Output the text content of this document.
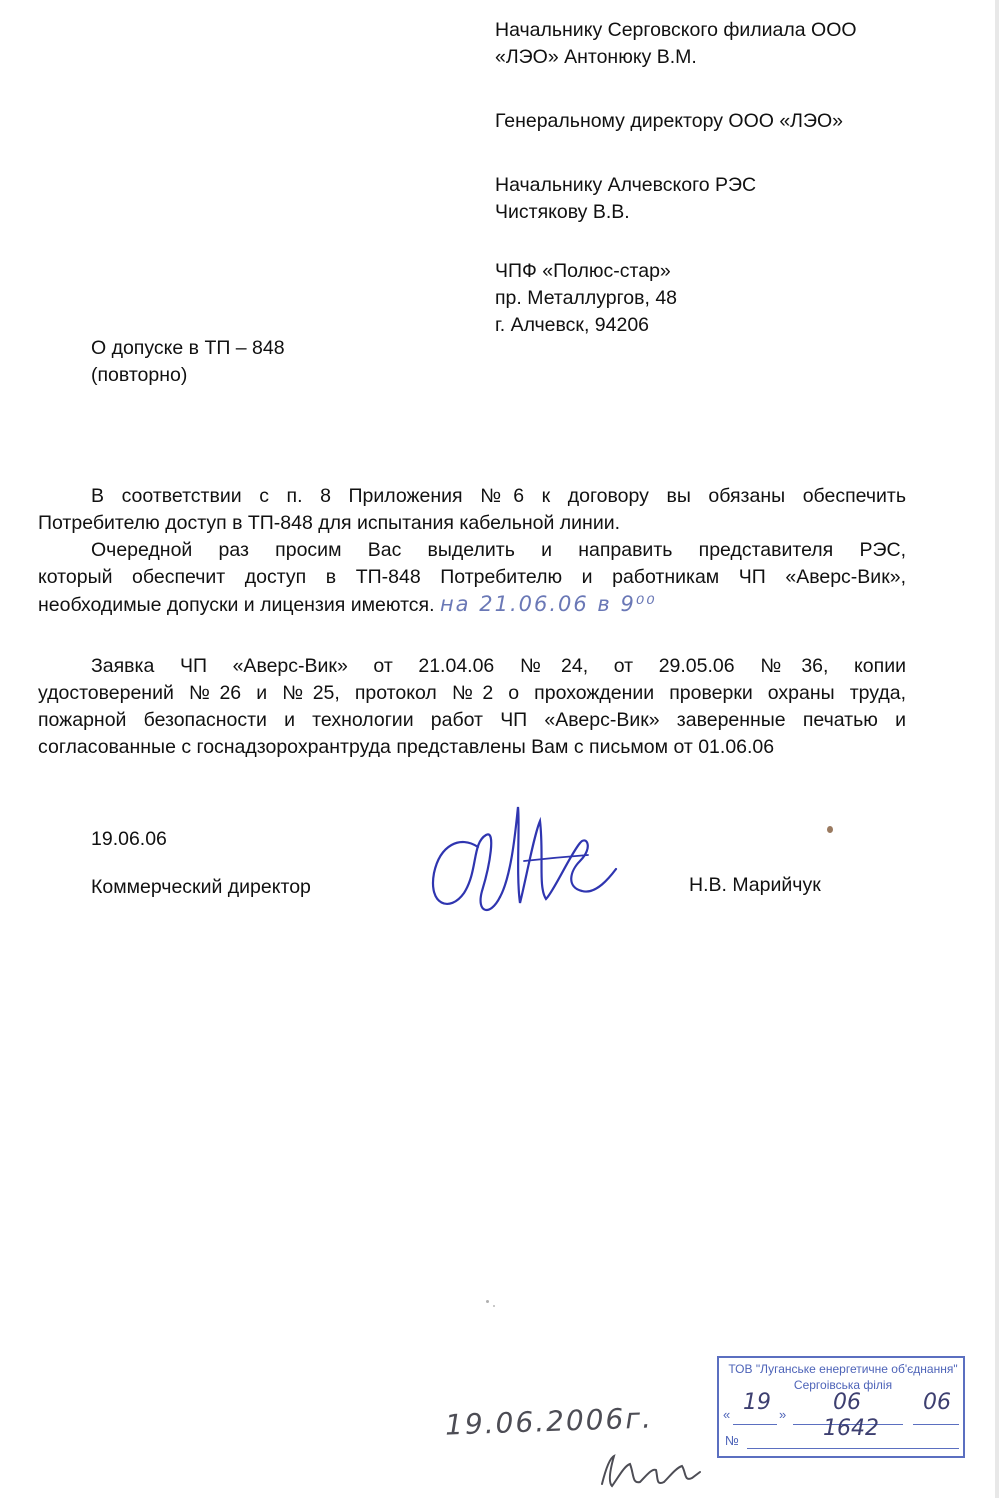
Начальнику Серговского филиала ООО
«ЛЭО» Антонюку В.М.
Генеральному директору ООО «ЛЭО»
Начальнику Алчевского РЭС
Чистякову В.В.
ЧПФ «Полюс-стар»
пр. Металлургов, 48
г. Алчевск, 94206
О допуске в ТП – 848
(повторно)
В соответствии с п. 8 Приложения №6 к договору вы обязаны обеспечить
Потребителю доступ в ТП-848 для испытания кабельной линии.
Очередной раз просим Вас выделить и направить представителя РЭС,
который обеспечит доступ в ТП-848 Потребителю и работникам ЧП «Аверс-Вик»,
необходимые допуски и лицензия имеются. на 21.06.06 в 9⁰⁰
Заявка ЧП «Аверс-Вик» от 21.04.06 №24, от 29.05.06 №36, копии
удостоверений №26 и №25, протокол №2 о прохождении проверки охраны труда,
пожарной безопасности и технологии работ ЧП «Аверс-Вик» заверенные печатью и
согласованные с госнадзорохрантруда представлены Вам с письмом от 01.06.06
19.06.06
Коммерческий директор	Н.В. Марийчук
ТОВ "Луганське енергетичне об'єднання"
Сергоівська філія
« 19 » 06	06
№	1642
19.06.2006г.
